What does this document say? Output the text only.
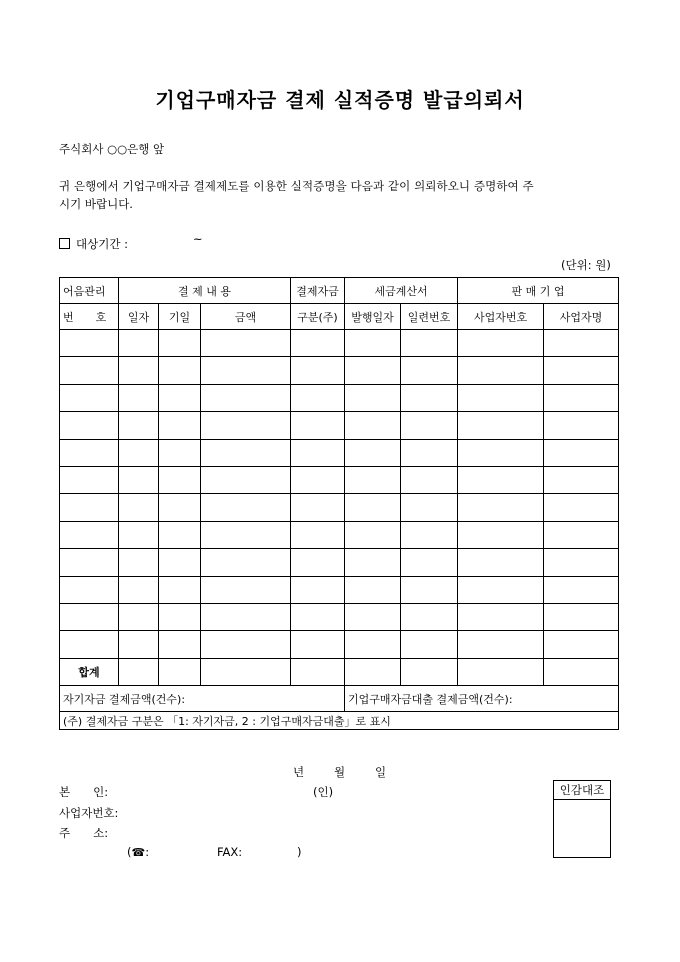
기업구매자금 결제 실적증명 발급의뢰서
주식회사 ○○은행 앞
귀 은행에서 기업구매자금 결제제도를 이용한 실적증명을 다음과 같이 의뢰하오니 증명하여 주
시기 바랍니다.
대상기간 :	~
(단위: 원)
어음관리	결 제 내 용			결제자금	세금계산서		판 매 기 업	
번　　호	일자	기일	금액	구분(주)	발행일자	일련번호	사업자번호	사업자명

합계								
자기자금 결제금액(건수):					기업구매자금대출 결제금액(건수):			
(주) 결제자금 구분은 「1: 자기자금, 2 : 기업구매자금대출」로 표시								
년	월	일
본　　인:	(인)
사업자번호:
주　　소:
(☎:	FAX:	)
인감대조
